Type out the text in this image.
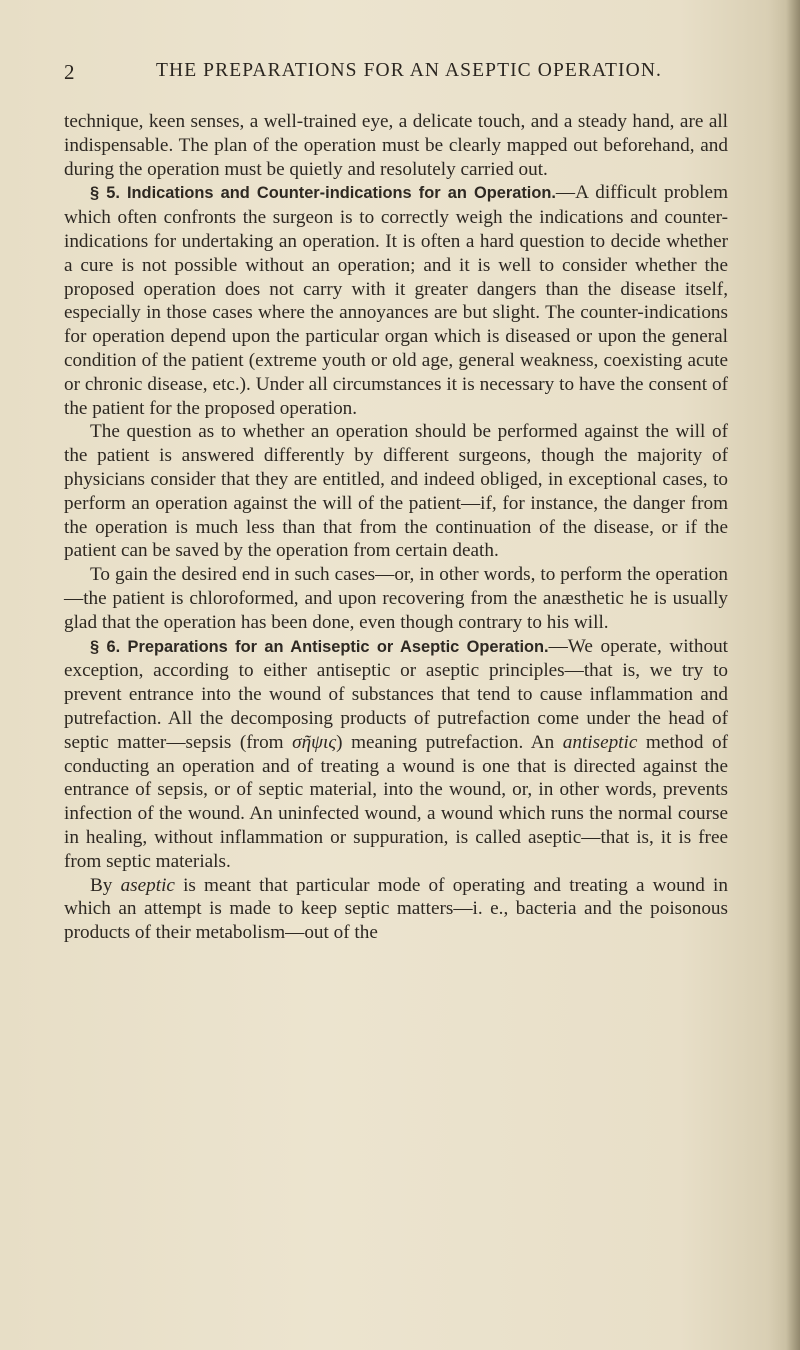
2	THE PREPARATIONS FOR AN ASEPTIC OPERATION.

technique, keen senses, a well-trained eye, a delicate touch, and a steady hand, are all indispensable. The plan of the operation must be clearly mapped out beforehand, and during the operation must be quietly and resolutely carried out.

§ 5. Indications and Counter-indications for an Operation.—A difficult problem which often confronts the surgeon is to correctly weigh the indications and counter-indications for undertaking an operation. It is often a hard question to decide whether a cure is not possible without an operation; and it is well to consider whether the proposed operation does not carry with it greater dangers than the disease itself, especially in those cases where the annoyances are but slight. The counter-indications for operation depend upon the particular organ which is diseased or upon the general condition of the patient (extreme youth or old age, general weakness, coexisting acute or chronic disease, etc.). Under all circumstances it is necessary to have the consent of the patient for the proposed operation.

The question as to whether an operation should be performed against the will of the patient is answered differently by different surgeons, though the majority of physicians consider that they are entitled, and indeed obliged, in exceptional cases, to perform an operation against the will of the patient—if, for instance, the danger from the operation is much less than that from the continuation of the disease, or if the patient can be saved by the operation from certain death.

To gain the desired end in such cases—or, in other words, to perform the operation—the patient is chloroformed, and upon recovering from the anæsthetic he is usually glad that the operation has been done, even though contrary to his will.

§ 6. Preparations for an Antiseptic or Aseptic Operation.—We operate, without exception, according to either antiseptic or aseptic principles—that is, we try to prevent entrance into the wound of substances that tend to cause inflammation and putrefaction. All the decomposing products of putrefaction come under the head of septic matter—sepsis (from σῆψις) meaning putrefaction. An antiseptic method of conducting an operation and of treating a wound is one that is directed against the entrance of sepsis, or of septic material, into the wound, or, in other words, prevents infection of the wound. An uninfected wound, a wound which runs the normal course in healing, without inflammation or suppuration, is called aseptic—that is, it is free from septic materials.

By aseptic is meant that particular mode of operating and treating a wound in which an attempt is made to keep septic matters—i. e., bacteria and the poisonous products of their metabolism—out of the
